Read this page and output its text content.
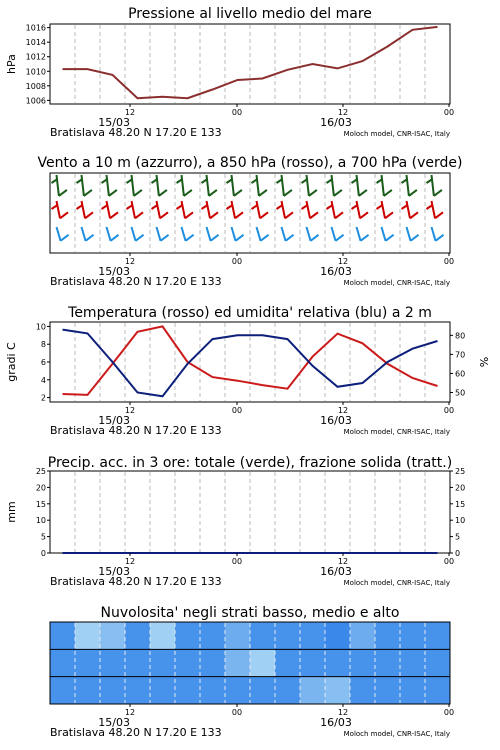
Pressione al livello medio del mare
1006
1008
1010
1012
1014
1016
hPa
12	00	12	00
15/03	16/03
Bratislava 48.20 N 17.20 E 133	Moloch model, CNR-ISAC, Italy
Vento a 10 m (azzurro), a 850 hPa (rosso), a 700 hPa (verde)
12	00	12	00
15/03	16/03
Bratislava 48.20 N 17.20 E 133	Moloch model, CNR-ISAC, Italy
Temperatura (rosso) ed umidita' relativa (blu) a 2 m
2
4
6
8
10
50
60
70
80
gradi C	%
12	00	12	00
15/03	16/03
Bratislava 48.20 N 17.20 E 133	Moloch model, CNR-ISAC, Italy
Precip. acc. in 3 ore: totale (verde), frazione solida (tratt.)
0
5
10
15
20
25
0
5
10
15
20
25
mm
12	00	12	00
15/03	16/03
Bratislava 48.20 N 17.20 E 133	Moloch model, CNR-ISAC, Italy
Nuvolosita' negli strati basso, medio e alto
12	00	12	00
15/03	16/03
Bratislava 48.20 N 17.20 E 133	Moloch model, CNR-ISAC, Italy
